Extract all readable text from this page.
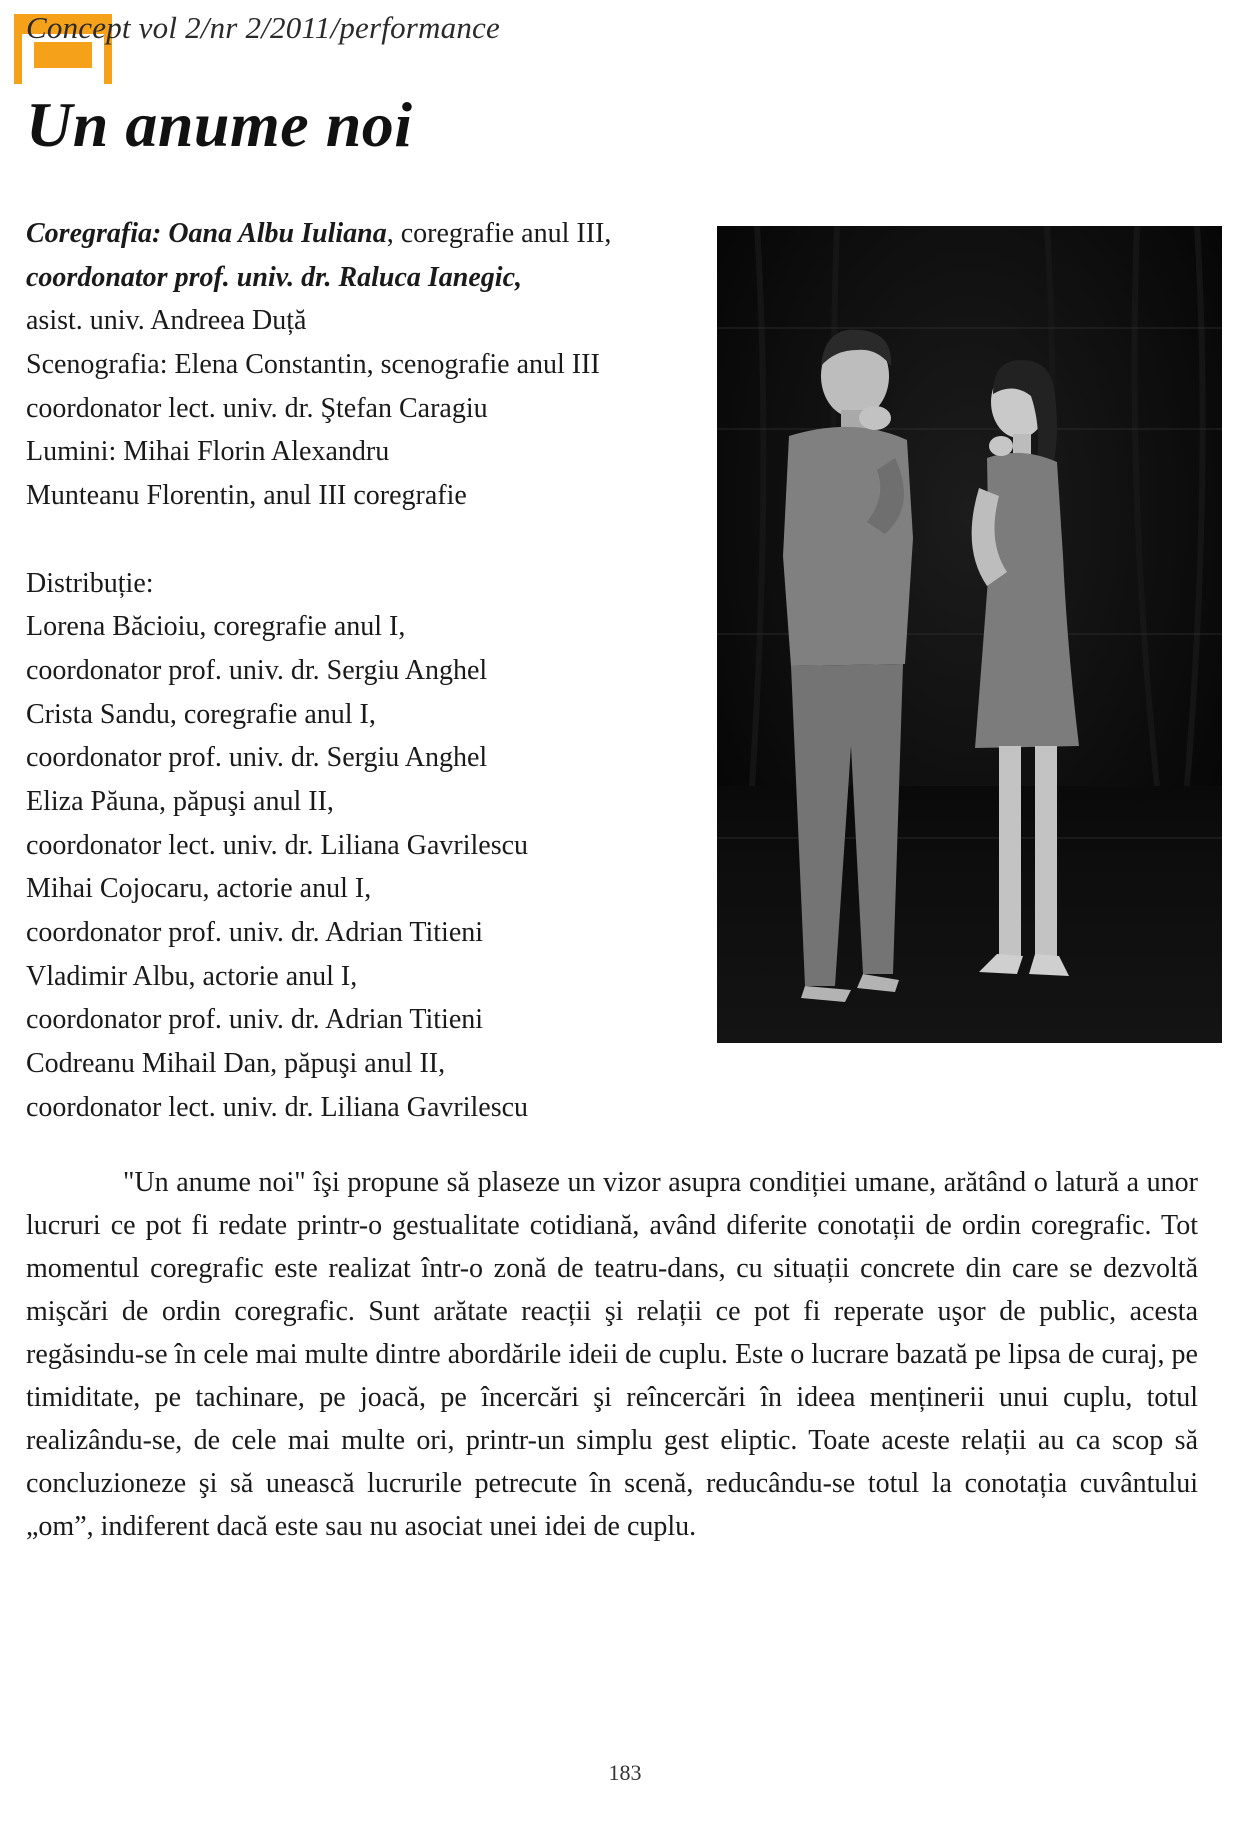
Concept vol 2/nr 2/2011/performance
Un anume noi
Coregrafia: Oana Albu Iuliana, coregrafie anul III,
coordonator prof. univ. dr. Raluca Ianegic,
asist. univ. Andreea Duță
Scenografia: Elena Constantin, scenografie anul III
coordonator lect. univ. dr. Ştefan Caragiu
Lumini: Mihai Florin Alexandru
Munteanu Florentin, anul III coregrafie
Distribuție:
Lorena Băcioiu, coregrafie anul I,
coordonator prof. univ. dr. Sergiu Anghel
Crista Sandu, coregrafie anul I,
coordonator prof. univ. dr. Sergiu Anghel
Eliza Păuna, păpuşi anul II,
coordonator lect. univ. dr. Liliana Gavrilescu
Mihai Cojocaru, actorie anul I,
coordonator prof. univ. dr. Adrian Titieni
Vladimir Albu, actorie anul I,
coordonator prof. univ. dr. Adrian Titieni
Codreanu Mihail Dan, păpuşi anul II,
coordonator lect. univ. dr. Liliana Gavrilescu

"Un anume noi" îşi propune să plaseze un vizor asupra condiției umane, arătând o latură a unor lucruri ce pot fi redate printr-o gestualitate cotidiană, având diferite conotații de ordin coregrafic. Tot momentul coregrafic este realizat într-o zonă de teatru-dans, cu situații concrete din care se dezvoltă mişcări de ordin coregrafic. Sunt arătate reacții şi relații ce pot fi reperate uşor de public, acesta regăsindu-se în cele mai multe dintre abordările ideii de cuplu. Este o lucrare bazată pe lipsa de curaj, pe timiditate, pe tachinare, pe joacă, pe încercări şi reîncercări în ideea menținerii unui cuplu, totul realizându-se, de cele mai multe ori, printr-un simplu gest eliptic. Toate aceste relații au ca scop să concluzioneze şi să unească lucrurile petrecute în scenă, reducându-se totul la conotația cuvântului „om”, indiferent dacă este sau nu asociat unei idei de cuplu.

183
